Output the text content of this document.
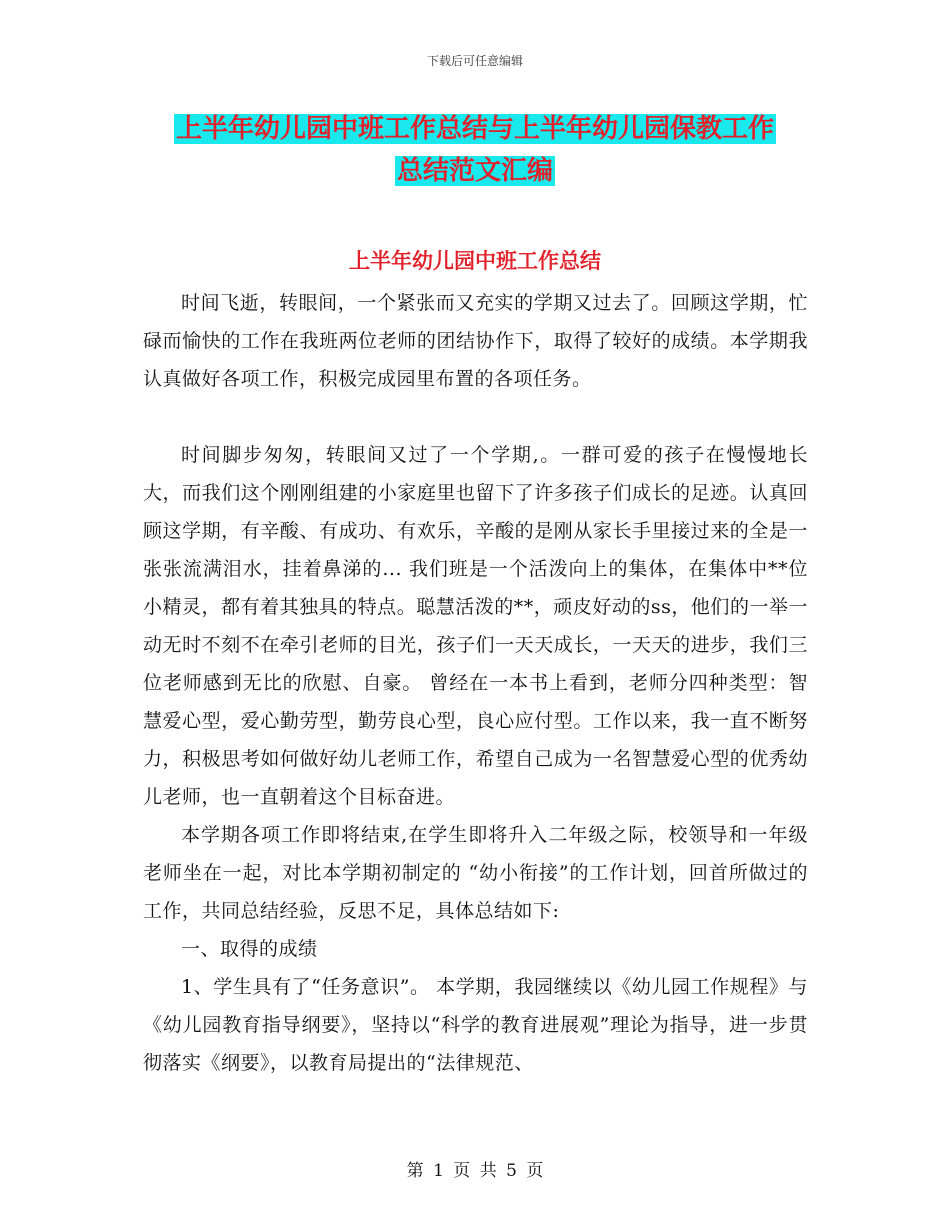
下载后可任意编辑
上半年幼儿园中班工作总结与上半年幼儿园保教工作
总结范文汇编
上半年幼儿园中班工作总结

时间飞逝，转眼间，一个紧张而又充实的学期又过去了。回顾这学期，忙碌而愉快的工作在我班两位老师的团结协作下，取得了较好的成绩。本学期我认真做好各项工作，积极完成园里布置的各项任务。

时间脚步匆匆，转眼间又过了一个学期,。一群可爱的孩子在慢慢地长大，而我们这个刚刚组建的小家庭里也留下了许多孩子们成长的足迹。认真回顾这学期，有辛酸、有成功、有欢乐，辛酸的是刚从家长手里接过来的全是一张张流满泪水，挂着鼻涕的... 我们班是一个活泼向上的集体，在集体中**位小精灵，都有着其独具的特点。聪慧活泼的**，顽皮好动的ss，他们的一举一动无时不刻不在牵引老师的目光，孩子们一天天成长，一天天的进步，我们三位老师感到无比的欣慰、自豪。 曾经在一本书上看到，老师分四种类型：智慧爱心型，爱心勤劳型，勤劳良心型，良心应付型。工作以来，我一直不断努力，积极思考如何做好幼儿老师工作，希望自己成为一名智慧爱心型的优秀幼儿老师，也一直朝着这个目标奋进。

本学期各项工作即将结束,在学生即将升入二年级之际，校领导和一年级老师坐在一起，对比本学期初制定的 “幼小衔接”的工作计划，回首所做过的工作，共同总结经验，反思不足，具体总结如下:

一、取得的成绩

1、学生具有了“任务意识”。 本学期，我园继续以《幼儿园工作规程》与《幼儿园教育指导纲要》，坚持以“科学的教育进展观”理论为指导，进一步贯彻落实《纲要》，以教育局提出的“法律规范、

第 1 页 共 5 页
